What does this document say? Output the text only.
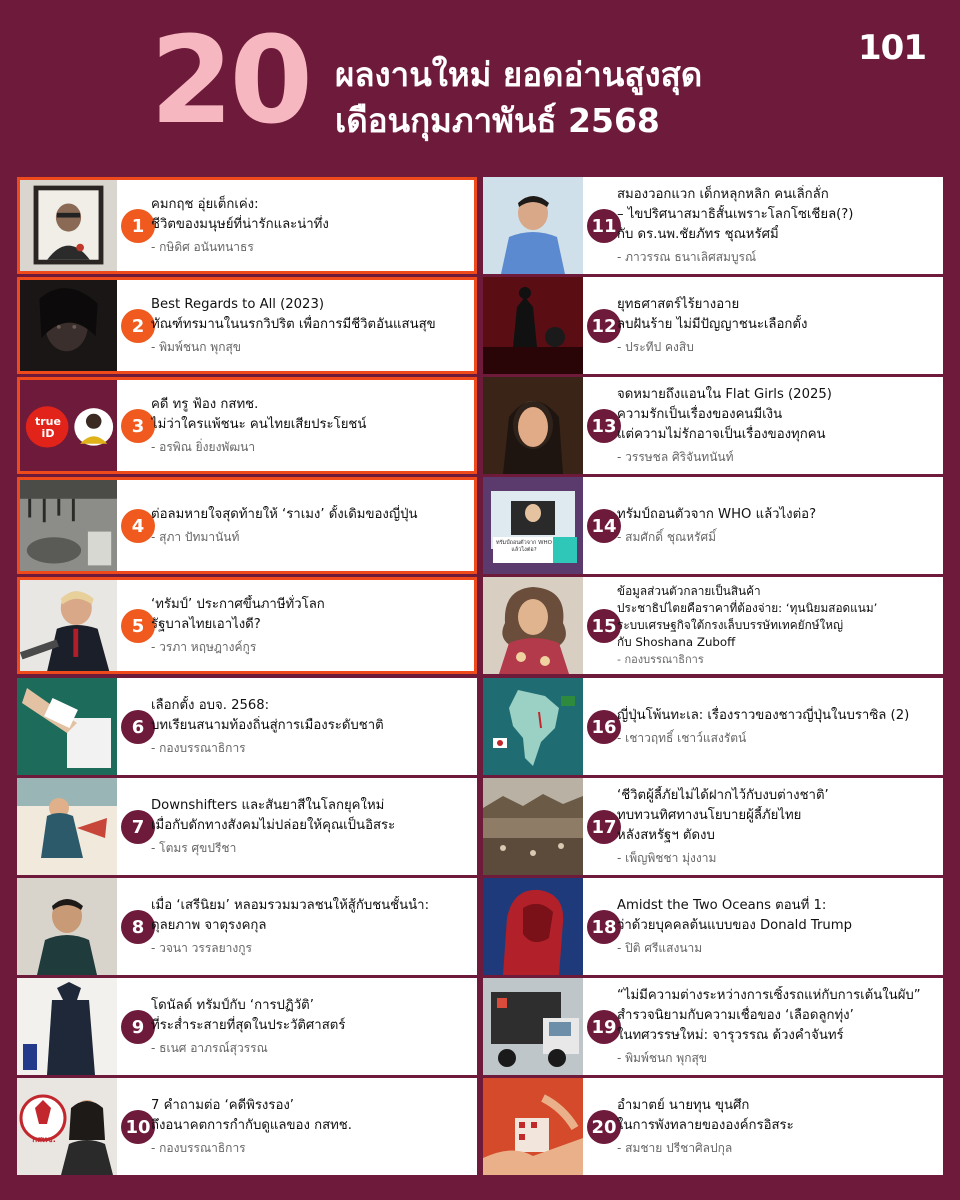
20 ผลงานใหม่ ยอดอ่านสูงสุด
เดือนกุมภาพันธ์ 2568
101
1
คมกฤช อุ่ยเต็กเค่ง:
ชีวิตของมนุษย์ที่น่ารักและน่าทึ่ง
- กษิดิศ อนันทนาธร
2
Best Regards to All (2023)
ทัณฑ์ทรมานในนรกวิปริต เพื่อการมีชีวิตอันแสนสุข
- พิมพ์ชนก พุกสุข
true iD	3
คดี ทรู ฟ้อง กสทช.
ไม่ว่าใครแพ้ชนะ คนไทยเสียประโยชน์
- อรพิณ ยิ่งยงพัฒนา
4
ต่อลมหายใจสุดท้ายให้ ‘ราเมง’ ดั้งเดิมของญี่ปุ่น
- สุภา ปัทมานันท์
5
‘ทรัมป์’ ประกาศขึ้นภาษีทั่วโลก
รัฐบาลไทยเอาไงดี?
- วรภา หฤษฎางค์กูร
6
เลือกตั้ง อบจ. 2568:
บทเรียนสนามท้องถิ่นสู่การเมืองระดับชาติ
- กองบรรณาธิการ
7
Downshifters และสันยาสีในโลกยุคใหม่
เมื่อกับดักทางสังคมไม่ปล่อยให้คุณเป็นอิสระ
- โตมร ศุขปรีชา
8
เมื่อ ‘เสรีนิยม’ หลอมรวมมวลชนให้สู้กับชนชั้นนำ:
ดุลยภาพ จาตุรงคกุล
- วจนา วรรลยางกูร
9
โดนัลด์ ทรัมป์กับ ‘การปฏิวัติ’
ที่ระส่ำระสายที่สุดในประวัติศาสตร์
- ธเนศ อาภรณ์สุวรรณ
กสทช.
10
7 คำถามต่อ ‘คดีพิรงรอง’
ถึงอนาคตการกำกับดูแลของ กสทช.
- กองบรรณาธิการ
11
สมองวอกแวก เด็กหลุกหลิก คนเลิ่กลั่ก
– ไขปริศนาสมาธิสั้นเพราะโลกโซเชียล(?)
กับ ดร.นพ.ชัยภัทร ชุณหรัศมิ์
- ภาวรรณ ธนาเลิศสมบูรณ์
12
ยุทธศาสตร์ไร้ยางอาย
ลบฝันร้าย ไม่มีปัญญาชนะเลือกตั้ง
- ประทีป คงสิบ
13
จดหมายถึงแอนใน Flat Girls (2025)
ความรักเป็นเรื่องของคนมีเงิน
แต่ความไม่รักอาจเป็นเรื่องของทุกคน
- วรรษชล ศิริจันทนันท์
ทรัมป์ถอนตัวจาก WHO แล้วไงต่อ?
14
ทรัมป์ถอนตัวจาก WHO แล้วไงต่อ?
- สมศักดิ์ ชุณหรัศมิ์
15
ข้อมูลส่วนตัวกลายเป็นสินค้า
ประชาธิปไตยคือราคาที่ต้องจ่าย: ‘ทุนนิยมสอดแนม’
ระบบเศรษฐกิจใต้กรงเล็บบรรษัทเทคยักษ์ใหญ่
กับ Shoshana Zuboff
- กองบรรณาธิการ
16
ญี่ปุ่นโพ้นทะเล: เรื่องราวของชาวญี่ปุ่นในบราซิล (2)
- เชาวฤทธิ์ เชาว์แสงรัตน์
17
‘ชีวิตผู้ลี้ภัยไม่ได้ฝากไว้กับงบต่างชาติ’
ทบทวนทิศทางนโยบายผู้ลี้ภัยไทย
หลังสหรัฐฯ ตัดงบ
- เพ็ญพิชชา มุ่งงาม
18
Amidst the Two Oceans ตอนที่ 1:
ว่าด้วยบุคคลต้นแบบของ Donald Trump
- ปิติ ศรีแสงนาม
19
“ไม่มีความต่างระหว่างการเซิ้งรถแห่กับการเต้นในผับ”
สำรวจนิยามกับความเชื่อของ ‘เลือดลูกทุ่ง’
ในทศวรรษใหม่: จารุวรรณ ด้วงคำจันทร์
- พิมพ์ชนก พุกสุข
20
อำมาตย์ นายทุน ขุนศึก
ในการพังทลายขององค์กรอิสระ
- สมชาย ปรีชาศิลปกุล
